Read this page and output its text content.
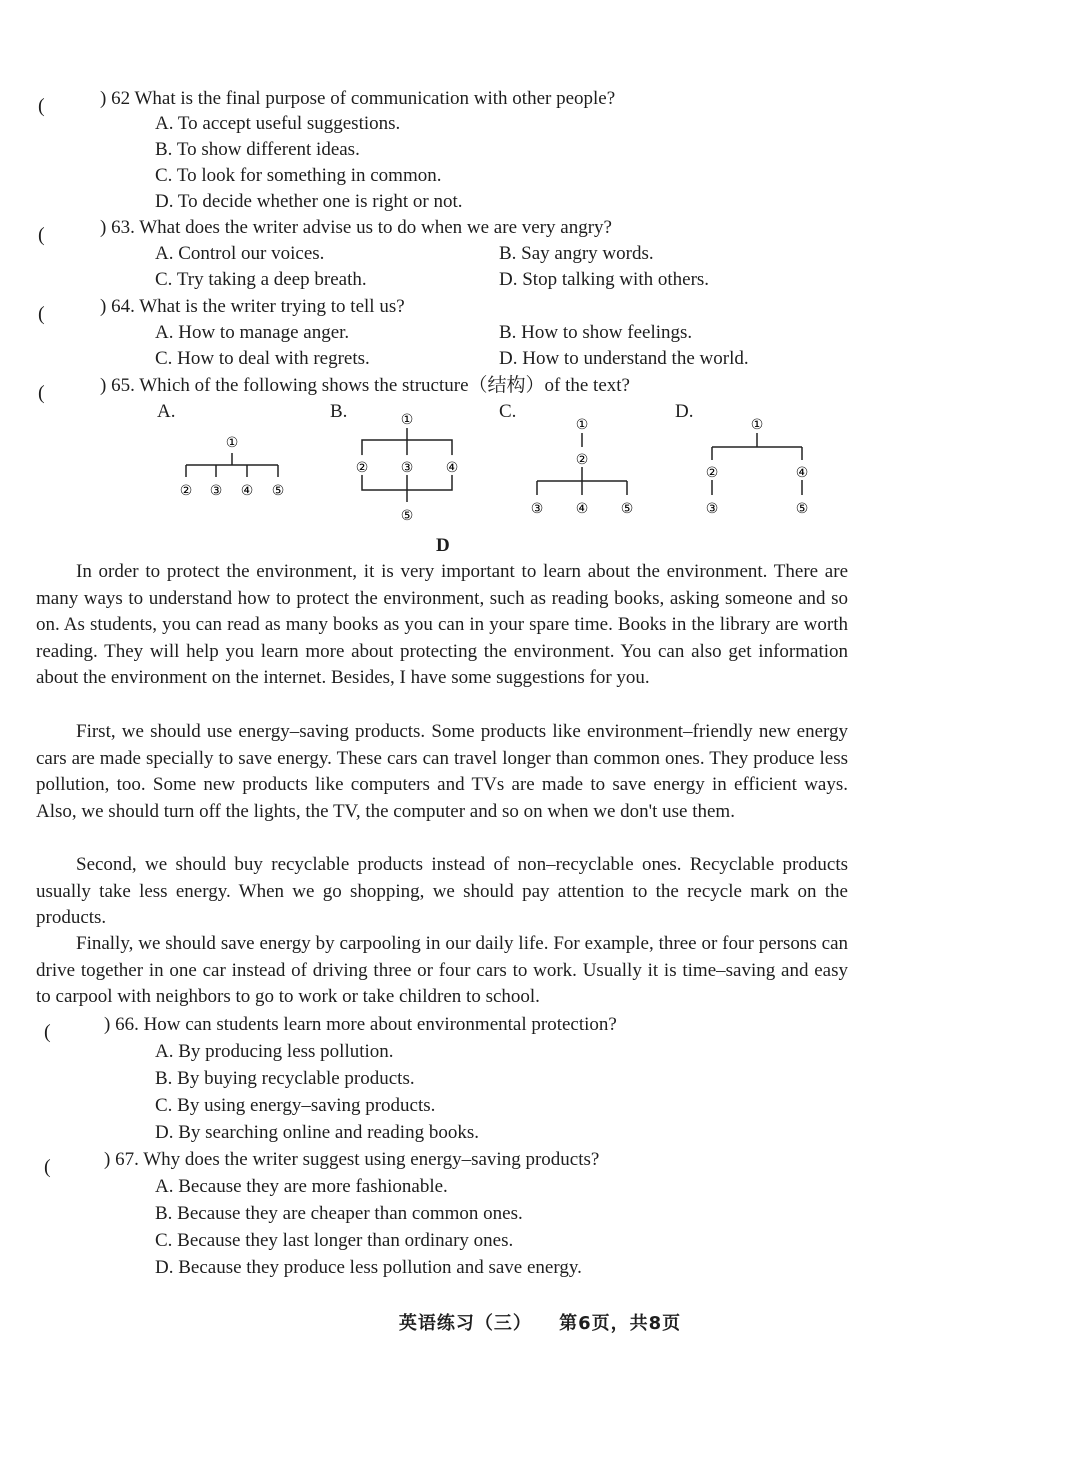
(	) 62 What is the final purpose of communication with other people?
A. To accept useful suggestions.
B. To show different ideas.
C. To look for something in common.
D. To decide whether one is right or not.
(	) 63. What does the writer advise us to do when we are very angry?
A. Control our voices.	B. Say angry words.
C. Try taking a deep breath.	D. Stop talking with others.
(	) 64. What is the writer trying to tell us?
A. How to manage anger.	B. How to show feelings.
C. How to deal with regrets.	D. How to understand the world.
(	) 65. Which of the following shows the structure（结构）of the text?
A.	B.	C.	D.
①
② ③ ④ ⑤
①
② ③ ④
⑤
①
②
③ ④ ⑤
①
②	④
③	⑤
D
In order to protect the environment, it is very important to learn about the environment. There are many ways to understand how to protect the environment, such as reading books, asking someone and so on. As students, you can read as many books as you can in your spare time. Books in the library are worth reading. They will help you learn more about protecting the environment. You can also get information about the environment on the internet. Besides, I have some suggestions for you.
First, we should use energy–saving products. Some products like environment–friendly new energy cars are made specially to save energy. These cars can travel longer than common ones. They produce less pollution, too. Some new products like computers and TVs are made to save energy in efficient ways. Also, we should turn off the lights, the TV, the computer and so on when we don't use them.
Second, we should buy recyclable products instead of non–recyclable ones. Recyclable products usually take less energy. When we go shopping, we should pay attention to the recycle mark on the products.
Finally, we should save energy by carpooling in our daily life. For example, three or four persons can drive together in one car instead of driving three or four cars to work. Usually it is time–saving and easy to carpool with neighbors to go to work or take children to school.
(	) 66. How can students learn more about environmental protection?
A. By producing less pollution.
B. By buying recyclable products.
C. By using energy–saving products.
D. By searching online and reading books.
(	) 67. Why does the writer suggest using energy–saving products?
A. Because they are more fashionable.
B. Because they are cheaper than common ones.
C. Because they last longer than ordinary ones.
D. Because they produce less pollution and save energy.
英语练习（三） 第6页，共8页
